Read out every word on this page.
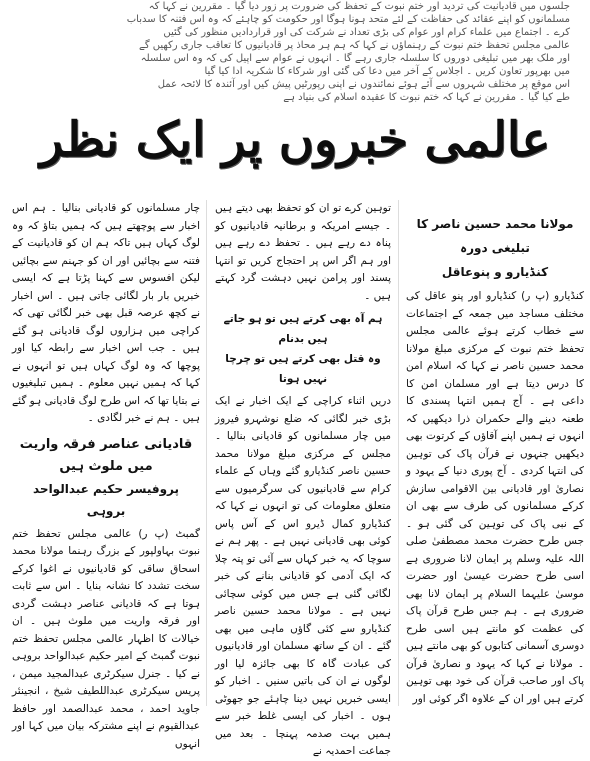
جلسوں میں قادیانیت کی تردید اور ختم نبوت کے تحفظ کی ضرورت پر زور دیا گیا ۔ مقررین نے کہا کہ
مسلمانوں کو اپنے عقائد کی حفاظت کے لئے متحد ہونا ہوگا اور حکومت کو چاہئے کہ وہ اس فتنہ کا سدباب
کرے ۔ اجتماع میں علماء کرام اور عوام کی بڑی تعداد نے شرکت کی اور قراردادیں منظور کی گئیں
عالمی مجلس تحفظ ختم نبوت کے رہنماؤں نے کہا کہ ہم ہر محاذ پر قادیانیوں کا تعاقب جاری رکھیں گے
اور ملک بھر میں تبلیغی دوروں کا سلسلہ جاری رہے گا ۔ انہوں نے عوام سے اپیل کی کہ وہ اس سلسلہ
میں بھرپور تعاون کریں ۔ اجلاس کے آخر میں دعا کی گئی اور شرکاء کا شکریہ ادا کیا گیا
اس موقع پر مختلف شہروں سے آئے ہوئے نمائندوں نے اپنی رپورٹیں پیش کیں اور آئندہ کا لائحہ عمل
طے کیا گیا ۔ مقررین نے کہا کہ ختم نبوت کا عقیدہ اسلام کی بنیاد ہے
عالمی خبروں پر ایک نظر
مولانا محمد حسین ناصر کا تبلیغی دورہ
کنڈیارو و پنوعاقل

کنڈیارو (پ ر) کنڈیارو اور پنو عاقل کی مختلف مساجد میں جمعہ کے اجتماعات سے خطاب کرتے ہوئے عالمی مجلس تحفظ ختم نبوت کے مرکزی مبلغ مولانا محمد حسین ناصر نے کہا کہ اسلام امن کا درس دیتا ہے اور مسلمان امن کا داعی ہے ۔ آج ہمیں انتہا پسندی کا طعنہ دینے والے حکمران ذرا دیکھیں کہ انہوں نے ہمیں اپنے آقاؤں کے کرتوت بھی دیکھیں جنہوں نے قرآن پاک کی توہین کی انتہا کردی ۔ آج پوری دنیا کے یہود و نصاریٰ اور قادیانی بین الاقوامی سازش کرکے مسلمانوں کی طرف سے بھی ان کے نبی پاک کی توہین کی گئی ہو ۔ جس طرح حضرت محمد مصطفیٰ صلی اللہ علیہ وسلم پر ایمان لانا ضروری ہے اسی طرح حضرت عیسیٰ اور حضرت موسیٰ علیہما السلام پر ایمان لانا بھی ضروری ہے ۔ ہم جس طرح قرآن پاک کی عظمت کو مانتے ہیں اسی طرح دوسری آسمانی کتابوں کو بھی مانتے ہیں ۔ مولانا نے کہا کہ یہود و نصاریٰ قرآن پاک اور صاحب قرآن کی خود بھی توہین کرتے ہیں اور ان کے علاوہ اگر کوئی اور

توہین کرے تو ان کو تحفظ بھی دیتے ہیں ۔ جیسے امریکہ و برطانیہ قادیانیوں کو پناہ دے رہے ہیں ۔ تحفظ دے رہے ہیں اور ہم اگر اس پر احتجاج کریں تو انتہا پسند اور پرامن نہیں دہشت گرد کہتے ہیں ۔

ہم آہ بھی کرتے ہیں تو ہو جاتے ہیں بدنام
وہ قتل بھی کرتے ہیں تو چرچا نہیں ہوتا

دریں اثناء کراچی کے ایک اخبار نے ایک بڑی خبر لگائی کہ ضلع نوشہرو فیروز میں چار مسلمانوں کو قادیانی بنالیا ۔ مجلس کے مرکزی مبلغ مولانا محمد حسین ناصر کنڈیارو گئے وہاں کے علماء کرام سے قادیانیوں کی سرگرمیوں سے متعلق معلومات کی تو انہوں نے کہا کہ کنڈیارو کمال ڈیرو اس کے آس پاس کوئی بھی قادیانی نہیں ہے ۔ پھر ہم نے سوچا کہ یہ خبر کہاں سے آئی تو پتہ چلا کہ ایک آدمی کو قادیانی بنانے کی خبر لگائی گئی ہے جس میں کوئی سچائی نہیں ہے ۔ مولانا محمد حسین ناصر کنڈیارو سے کئی گاؤں ماہی میں بھی گئے ۔ ان کے ساتھ مسلمان اور قادیانیوں کی عبادت گاہ کا بھی جائزہ لیا اور لوگوں نے ان کی باتیں سنیں ۔ اخبار کو ایسی خبریں نہیں دینا چاہئے جو جھوٹی ہوں ۔ اخبار کی ایسی غلط خبر سے ہمیں بہت صدمہ پہنچا ۔ بعد میں جماعت احمدیہ نے

چار مسلمانوں کو قادیانی بنالیا ۔ ہم اس اخبار سے پوچھتے ہیں کہ ہمیں بتاؤ کہ وہ لوگ کہاں ہیں تاکہ ہم ان کو قادیانیت کے فتنہ سے بچائیں اور ان کو جہنم سے بچائیں لیکن افسوس سے کہنا پڑتا ہے کہ ایسی خبریں بار بار لگائی جاتی ہیں ۔ اس اخبار نے کچھ عرصہ قبل بھی خبر لگائی تھی کہ کراچی میں ہزاروں لوگ قادیانی ہو گئے ہیں ۔ جب اس اخبار سے رابطہ کیا اور پوچھا کہ وہ لوگ کہاں ہیں تو انہوں نے کہا کہ ہمیں نہیں معلوم ۔ ہمیں تبلیغیوں نے بتایا تھا کہ اس طرح لوگ قادیانی ہو گئے ہیں ۔ ہم نے خبر لگادی ۔

قادیانی عناصر فرقہ واریت میں ملوث ہیں
پروفیسر حکیم عبدالواحد بروہی

گمبٹ (پ ر) عالمی مجلس تحفظ ختم نبوت بہاولپور کے بزرگ رہنما مولانا محمد اسحاق ساقی کو قادیانیوں نے اغوا کرکے سخت تشدد کا نشانہ بنایا ۔ اس سے ثابت ہوتا ہے کہ قادیانی عناصر دہشت گردی اور فرقہ واریت میں ملوث ہیں ۔ ان خیالات کا اظہار عالمی مجلس تحفظ ختم نبوت گمبٹ کے امیر حکیم عبدالواحد بروہی نے کیا ۔ جنرل سیکرٹری عبدالمجید میمن ، پریس سیکرٹری عبداللطیف شیخ ، انجینئر جاوید احمد ، محمد عبدالصمد اور حافظ عبدالقیوم نے اپنے مشترکہ بیان میں کہا اور انہوں
